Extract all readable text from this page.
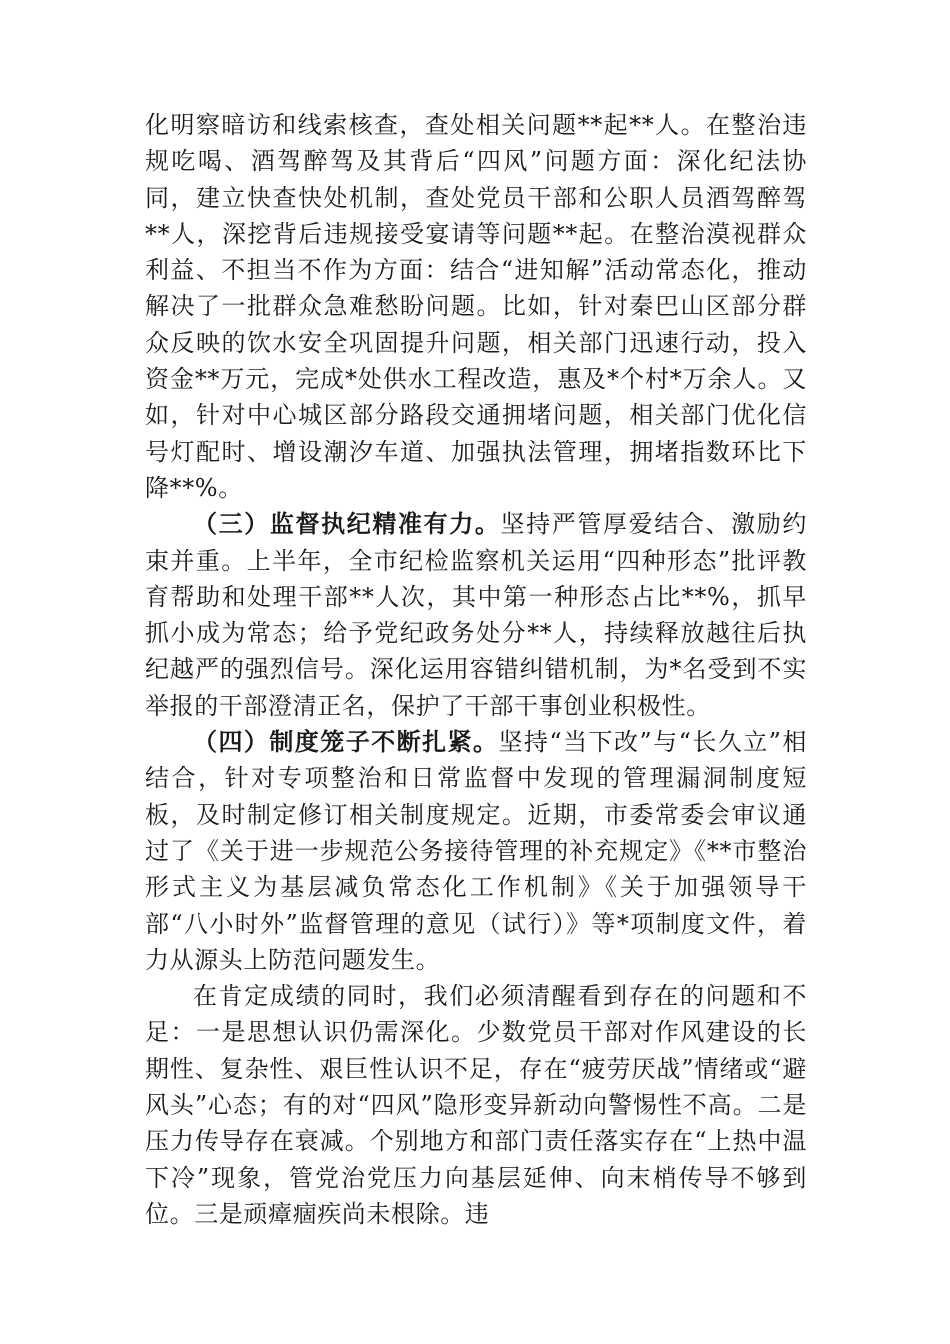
化明察暗访和线索核查，查处相关问题**起**人。在整治违规吃喝、酒驾醉驾及其背后“四风”问题方面：深化纪法协同，建立快查快处机制，查处党员干部和公职人员酒驾醉驾**人，深挖背后违规接受宴请等问题**起。在整治漠视群众利益、不担当不作为方面：结合“进知解”活动常态化，推动解决了一批群众急难愁盼问题。比如，针对秦巴山区部分群众反映的饮水安全巩固提升问题，相关部门迅速行动，投入资金**万元，完成*处供水工程改造，惠及*个村*万余人。又如，针对中心城区部分路段交通拥堵问题，相关部门优化信号灯配时、增设潮汐车道、加强执法管理，拥堵指数环比下降**%。

（三）监督执纪精准有力。坚持严管厚爱结合、激励约束并重。上半年，全市纪检监察机关运用“四种形态”批评教育帮助和处理干部**人次，其中第一种形态占比**%，抓早抓小成为常态；给予党纪政务处分**人，持续释放越往后执纪越严的强烈信号。深化运用容错纠错机制，为*名受到不实举报的干部澄清正名，保护了干部干事创业积极性。

（四）制度笼子不断扎紧。坚持“当下改”与“长久立”相结合，针对专项整治和日常监督中发现的管理漏洞制度短板，及时制定修订相关制度规定。近期，市委常委会审议通过了《关于进一步规范公务接待管理的补充规定》《**市整治形式主义为基层减负常态化工作机制》《关于加强领导干部“八小时外”监督管理的意见（试行）》等*项制度文件，着力从源头上防范问题发生。

在肯定成绩的同时，我们必须清醒看到存在的问题和不足：一是思想认识仍需深化。少数党员干部对作风建设的长期性、复杂性、艰巨性认识不足，存在“疲劳厌战”情绪或“避风头”心态；有的对“四风”隐形变异新动向警惕性不高。二是压力传导存在衰减。个别地方和部门责任落实存在“上热中温下冷”现象，管党治党压力向基层延伸、向末梢传导不够到位。三是顽瘴痼疾尚未根除。违
